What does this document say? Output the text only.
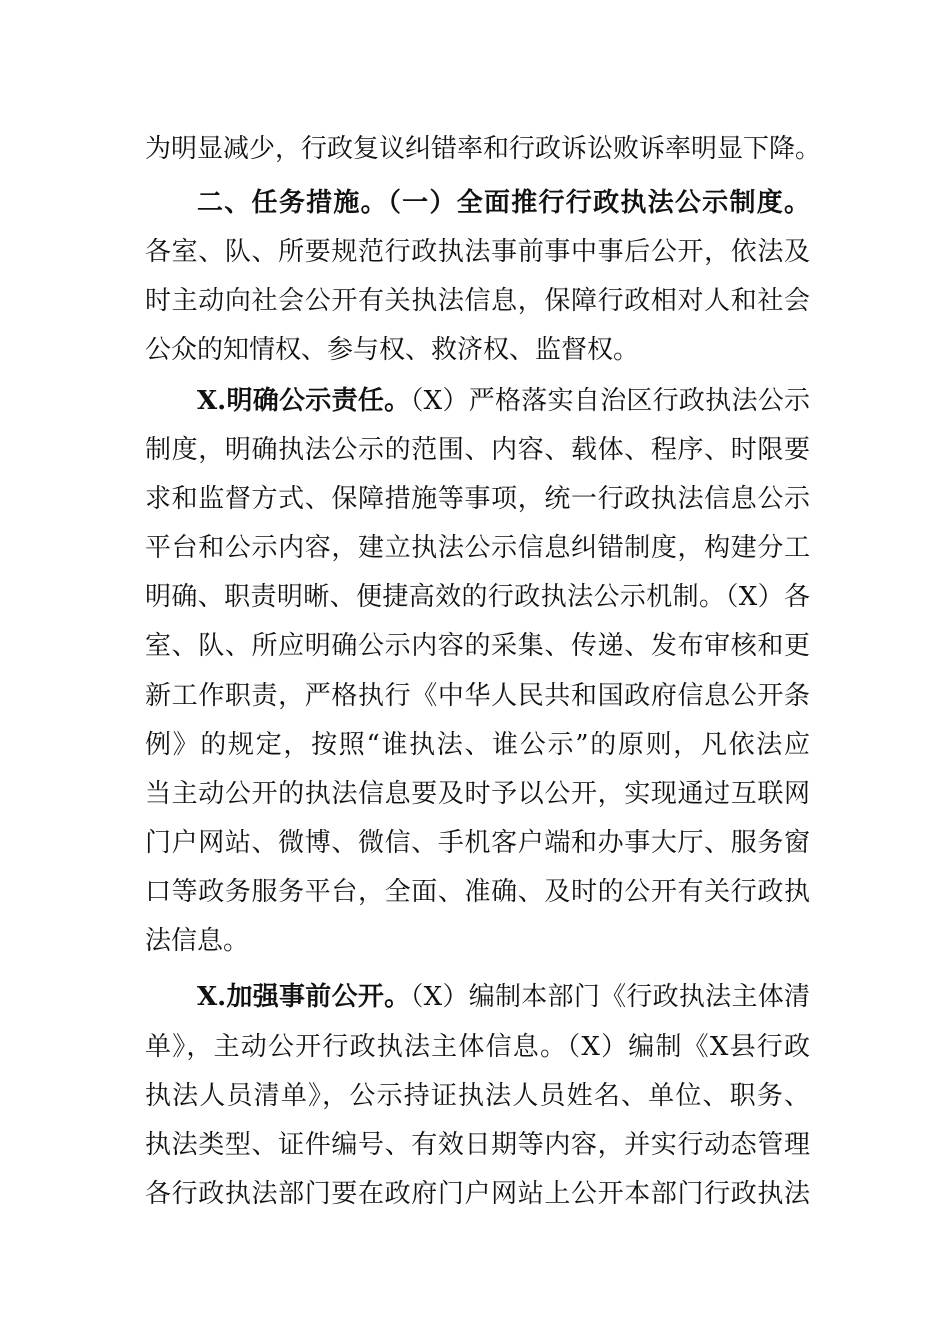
为明显减少，行政复议纠错率和行政诉讼败诉率明显下降。
二、任务措施。（一）全面推行行政执法公示制度。
各室、队、所要规范行政执法事前事中事后公开，依法及
时主动向社会公开有关执法信息，保障行政相对人和社会
公众的知情权、参与权、救济权、监督权。
X.明确公示责任。（X）严格落实自治区行政执法公示
制度，明确执法公示的范围、内容、载体、程序、时限要
求和监督方式、保障措施等事项，统一行政执法信息公示
平台和公示内容，建立执法公示信息纠错制度，构建分工
明确、职责明晰、便捷高效的行政执法公示机制。（X）各
室、队、所应明确公示内容的采集、传递、发布审核和更
新工作职责，严格执行《中华人民共和国政府信息公开条
例》的规定，按照“谁执法、谁公示”的原则，凡依法应
当主动公开的执法信息要及时予以公开，实现通过互联网
门户网站、微博、微信、手机客户端和办事大厅、服务窗
口等政务服务平台，全面、准确、及时的公开有关行政执
法信息。
X.加强事前公开。（X）编制本部门《行政执法主体清
单》，主动公开行政执法主体信息。（X）编制《X县行政
执法人员清单》，公示持证执法人员姓名、单位、职务、
执法类型、证件编号、有效日期等内容，并实行动态管理
各行政执法部门要在政府门户网站上公开本部门行政执法
